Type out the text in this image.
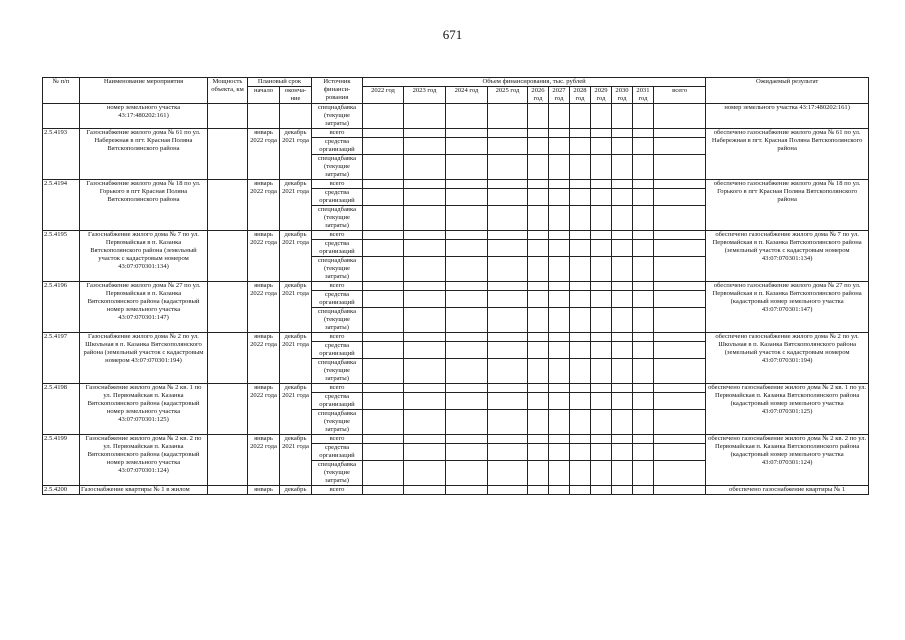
671
№ п/п	Наименование мероприятия	Мощность объекта, км	Плановый срок		Источник финанси-рования	Объем финансирования, тыс. рублей											Ожидаемый результат
			начало	оконча-ние		2022 год	2023 год	2024 год	2025 год	2026 год	2027 год	2028 год	2029 год	2030 год	2031 год	всего	

	номер земельного участка 43:17:480202:161)				спецнадбавка (текущие затраты)												номер земельного участка 43:17:480202:161)
2.5.4193	Газоснабжение жилого дома № 61 по ул. Набережная в пгт. Красная Поляна Вятскополянского района		январь 2022 года	декабрь 2021 года	всего												обеспечено газоснабжение жилого дома № 61 по ул. Набережная в пгт. Красная Поляна Вятскополянского района
					средства организаций												
					спецнадбавка (текущие затраты)												
2.5.4194	Газоснабжение жилого дома № 18 по ул. Горького в пгт Красная Поляна Вятскополянского района		январь 2022 года	декабрь 2021 года	всего												обеспечено газоснабжение жилого дома № 18 по ул. Горького в пгт Красная Поляна Вятскополянского района
					средства организаций												
					спецнадбавка (текущие затраты)												
2.5.4195	Газоснабжение жилого дома № 7 по ул. Первомайская в п. Казанка Вятскополянского района (земельный участок с кадастровым номером 43:07:070301:134)		январь 2022 года	декабрь 2021 года	всего												обеспечено газоснабжение жилого дома № 7 по ул. Первомайская в п. Казанка Вятскополянского района (земельный участок с кадастровым номером 43:07:070301:134)
					средства организаций												
					спецнадбавка (текущие затраты)												
2.5.4196	Газоснабжение жилого дома № 27 по ул. Первомайская в п. Казанка Вятскополянского района (кадастровый номер земельного участка 43:07:070301:147)		январь 2022 года	декабрь 2021 года	всего												обеспечено газоснабжение жилого дома № 27 по ул. Первомайская в п. Казанка Вятскополянского района (кадастровый номер земельного участка 43:07:070301:147)
					средства организаций												
					спецнадбавка (текущие затраты)												
2.5.4197	Газоснабжение жилого дома № 2 по ул. Школьная в п. Казанка Вятскополянского района (земельный участок с кадастровым номером 43:07:070301:194)		январь 2022 года	декабрь 2021 года	всего												обеспечено газоснабжение жилого дома № 2 по ул. Школьная в п. Казанка Вятскополянского района (земельный участок с кадастровым номером 43:07:070301:194)
					средства организаций												
					спецнадбавка (текущие затраты)												
2.5.4198	Газоснабжение жилого дома № 2 кв. 1 по ул. Первомайская п. Казанка Вятскополянского района (кадастровый номер земельного участка 43:07:070301:125)		январь 2022 года	декабрь 2021 года	всего												обеспечено газоснабжение жилого дома № 2 кв. 1 по ул. Первомайская п. Казанка Вятскополянского района (кадастровый номер земельного участка 43:07:070301:125)
					средства организаций												
					спецнадбавка (текущие затраты)												
2.5.4199	Газоснабжение жилого дома № 2 кв. 2 по ул. Первомайская п. Казанка Вятскополянского района (кадастровый номер земельного участка 43:07:070301:124)		январь 2022 года	декабрь 2021 года	всего												обеспечено газоснабжение жилого дома № 2 кв. 2 по ул. Первомайская п. Казанка Вятскополянского района (кадастровый номер земельного участка 43:07:070301:124)
					средства организаций												
					спецнадбавка (текущие затраты)												
2.5.4200	Газоснабжение квартиры № 1 в жилом		январь	декабрь	всего												обеспечено газоснабжение квартиры № 1
